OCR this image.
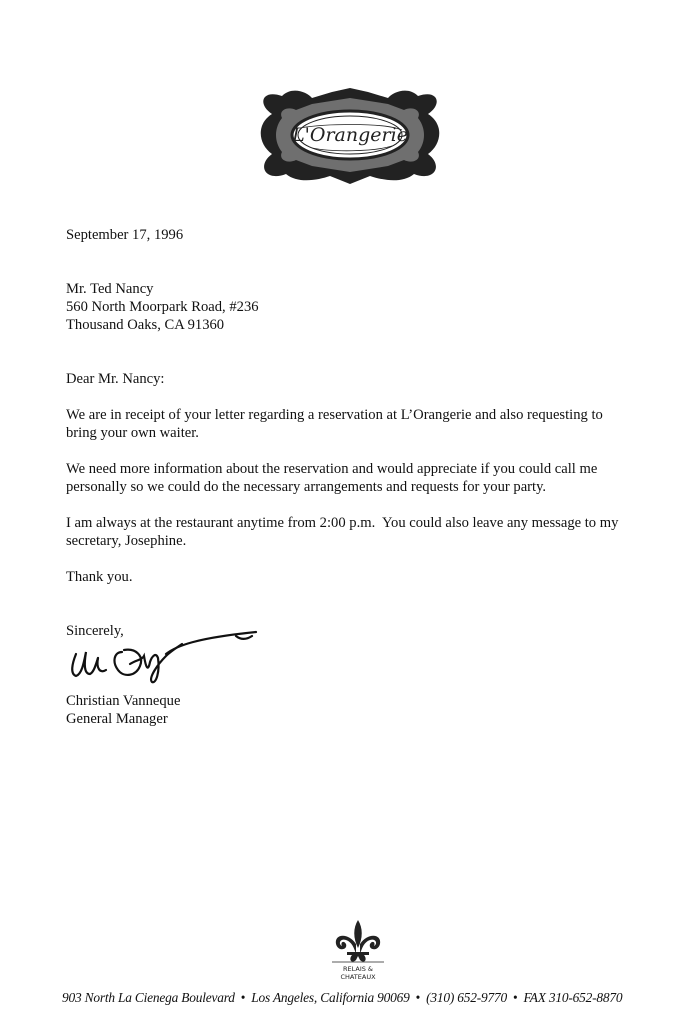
L'Orangerie
September 17, 1996
Mr. Ted Nancy
560 North Moorpark Road, #236
Thousand Oaks, CA 91360
Dear Mr. Nancy:
We are in receipt of your letter regarding a reservation at L’Orangerie and also requesting to bring your own waiter.
We need more information about the reservation and would appreciate if you could call me personally so we could do the necessary arrangements and requests for your party.
I am always at the restaurant anytime from 2:00 p.m.  You could also leave any message to my secretary, Josephine.
Thank you.
Sincerely,
Christian Vanneque
General Manager
RELAIS &
CHATEAUX
903 North La Cienega Boulevard • Los Angeles, California 90069 • (310) 652-9770 • FAX 310-652-8870
